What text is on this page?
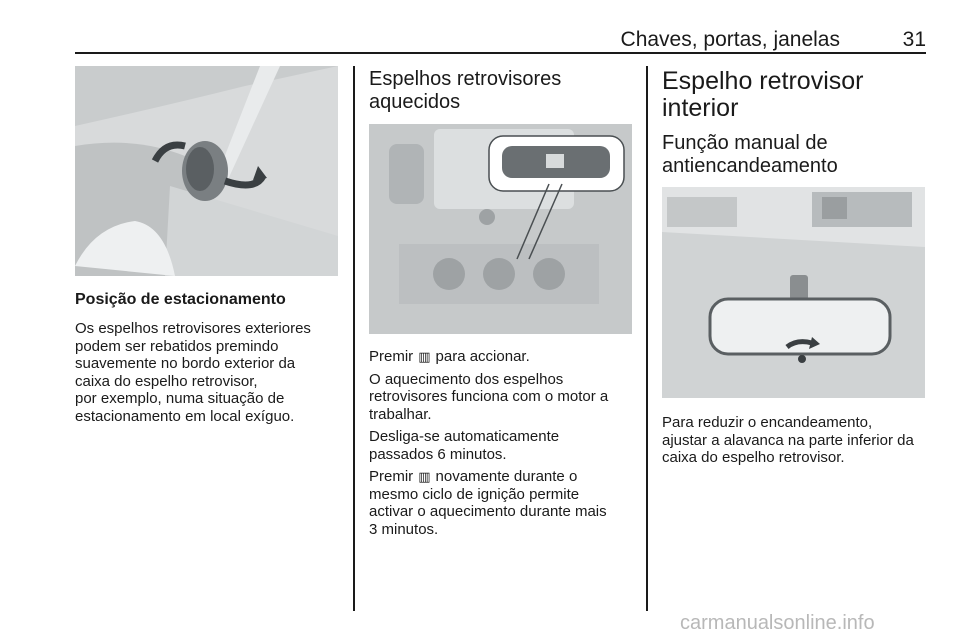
Chaves, portas, janelas	31
Posição de estacionamento

Os espelhos retrovisores exteriores

podem ser rebatidos premindo

suavemente no bordo exterior da

caixa do espelho retrovisor,

por exemplo, numa situação de

estacionamento em local exíguo.

Espelhos retrovisores
aquecidos

Premir ▥ para accionar.

O aquecimento dos espelhos

retrovisores funciona com o motor a

trabalhar.

Desliga-se automaticamente

passados 6 minutos.

Premir ▥ novamente durante o

mesmo ciclo de ignição permite

activar o aquecimento durante mais

3 minutos.

Espelho retrovisor
interior
Função manual de
antiencandeamento

Para reduzir o encandeamento,

ajustar a alavanca na parte inferior da

caixa do espelho retrovisor.

carmanualsonline.info
